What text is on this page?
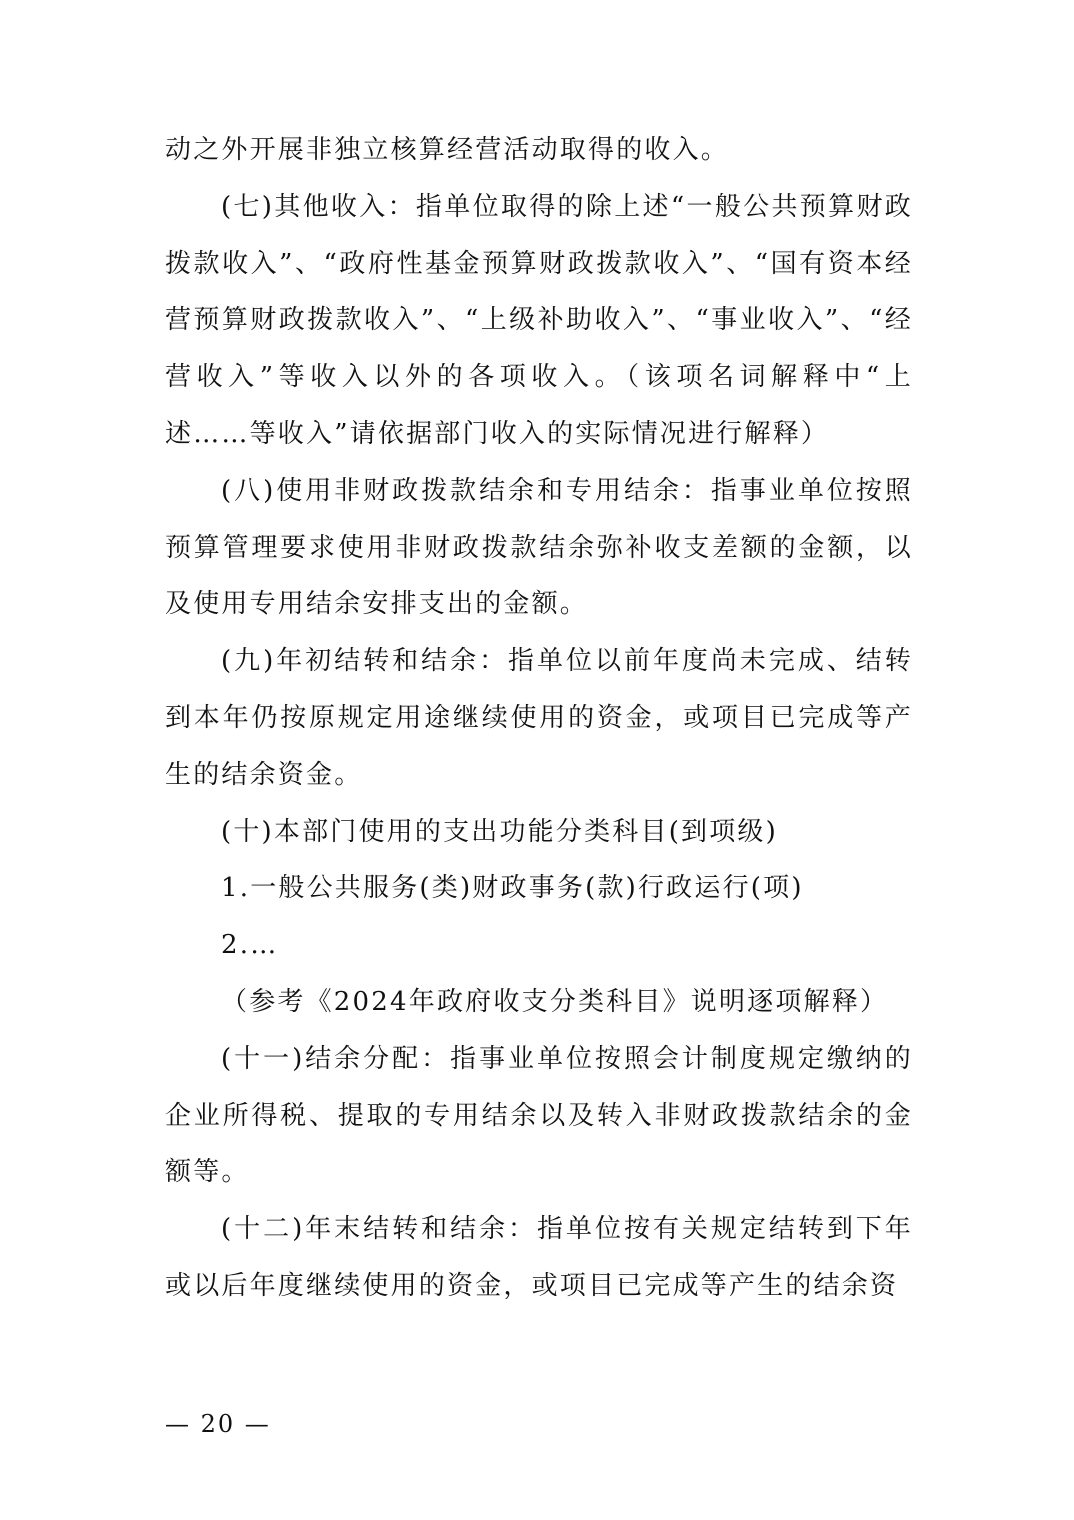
动之外开展非独立核算经营活动取得的收入。

(七)其他收入：指单位取得的除上述“一般公共预算财政拨款收入”、“政府性基金预算财政拨款收入”、“国有资本经营预算财政拨款收入”、“上级补助收入”、“事业收入”、“经营收入”等收入以外的各项收入。（该项名词解释中“上述……等收入”请依据部门收入的实际情况进行解释）

(八)使用非财政拨款结余和专用结余：指事业单位按照预算管理要求使用非财政拨款结余弥补收支差额的金额，以及使用专用结余安排支出的金额。

(九)年初结转和结余：指单位以前年度尚未完成、结转到本年仍按原规定用途继续使用的资金，或项目已完成等产生的结余资金。

(十)本部门使用的支出功能分类科目(到项级)

1.一般公共服务(类)财政事务(款)行政运行(项)

2.…

（参考《2024年政府收支分类科目》说明逐项解释）

(十一)结余分配：指事业单位按照会计制度规定缴纳的企业所得税、提取的专用结余以及转入非财政拨款结余的金额等。

(十二)年末结转和结余：指单位按有关规定结转到下年或以后年度继续使用的资金，或项目已完成等产生的结余资

— 20 —
